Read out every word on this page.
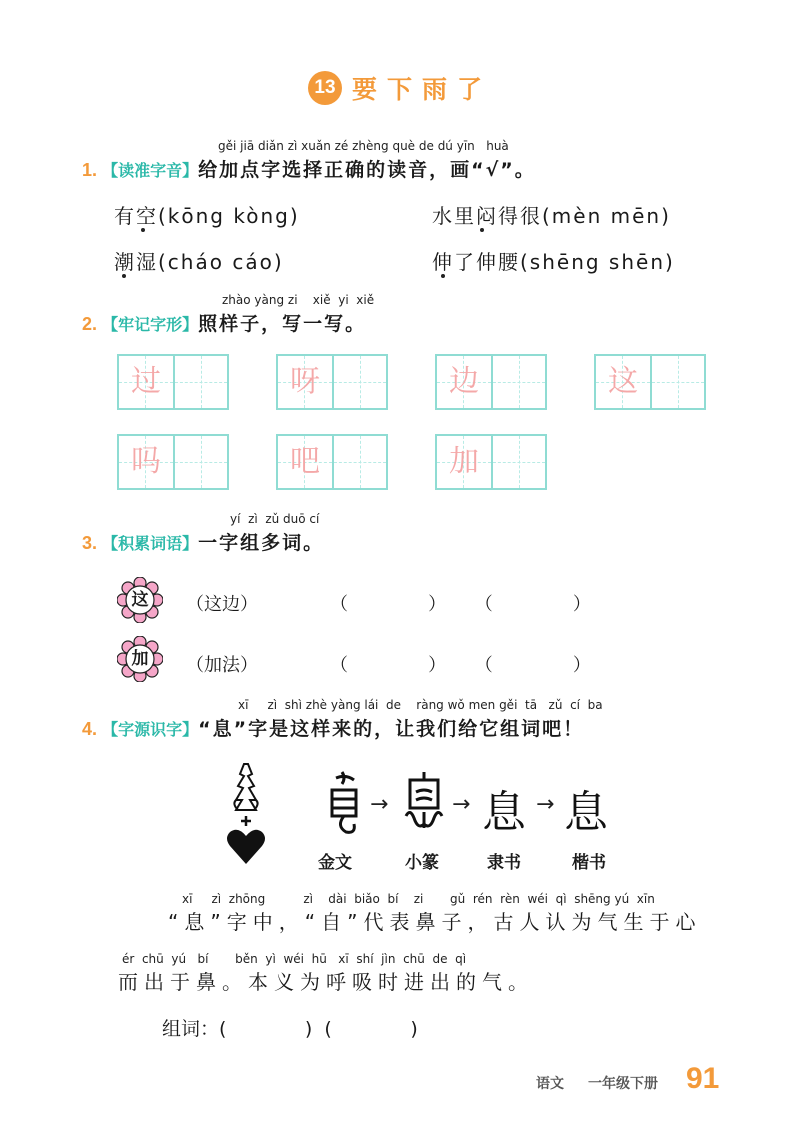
13 要下雨了
gěi jiā diǎn zì xuǎn zé zhèng què de dú yīn   huà
1. 【读准字音】给加点字选择正确的读音，画“√”。
有空(kōng kòng)	水里闷得很(mèn mēn)
潮湿(cháo cáo)	伸了伸腰(shēng shēn)
zhào yàng zi    xiě  yi  xiě
2. 【牢记字形】照样子，写一写。
过	呀	边	这
吗	吧	加
yí  zì  zǔ duō cí
3. 【积累词语】一字组多词。
这	（这边）	（              ）     （              ）
加	（加法）	（              ）     （              ）
xī     zì  shì zhè yàng lái  de    ràng wǒ men gěi  tā   zǔ  cí  ba
4. 【字源识字】“息”字是这样来的，让我们给它组词吧！
→	→ 息 → 息
金文	小篆	隶书	楷书
xī     zì  zhōng          zì    dài  biǎo  bí    zi       gǔ  rén  rèn  wéi  qì  shēng yú  xīn
“息”字中，“自”代表鼻子，古人认为气生于心
ér  chū  yú   bí       běn  yì  wéi  hū   xī  shí  jìn  chū  de  qì
而出于鼻。本义为呼吸时进出的气。
组词：(             )  (             )
语文 一年级下册 91
